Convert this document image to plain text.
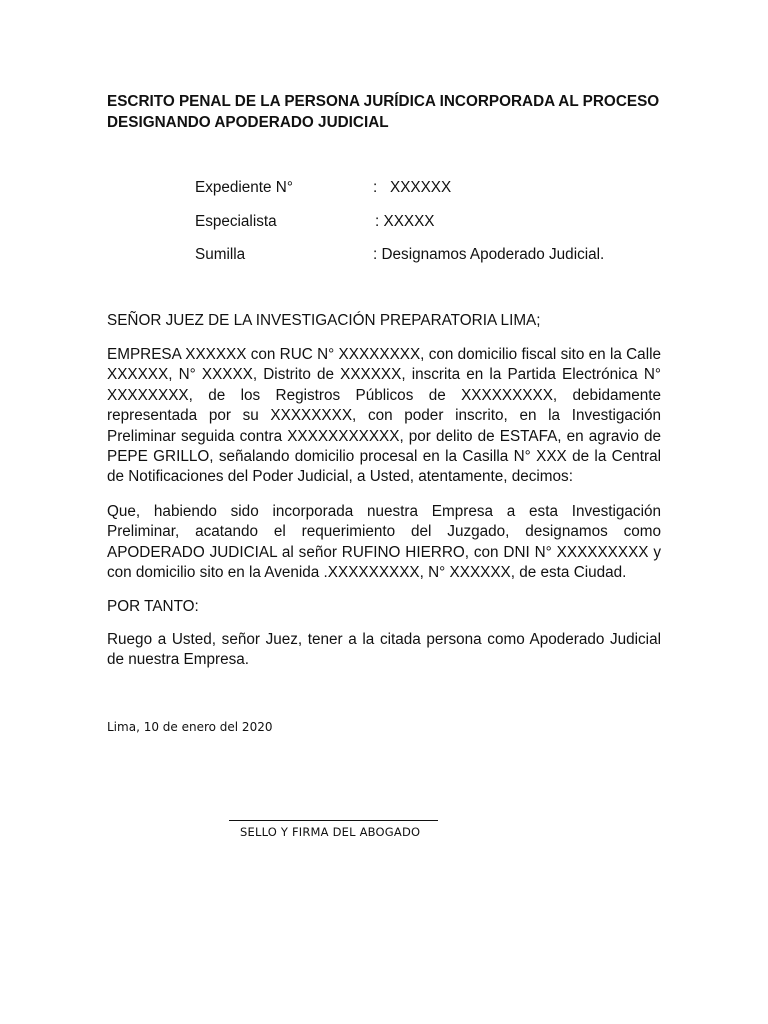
ESCRITO PENAL DE LA PERSONA JURÍDICA INCORPORADA AL PROCESO DESIGNANDO APODERADO JUDICIAL
Expediente N°	:   XXXXXX
Especialista	: XXXXX
Sumilla	: Designamos Apoderado Judicial.

SEÑOR JUEZ DE LA INVESTIGACIÓN PREPARATORIA LIMA;

EMPRESA XXXXXX con RUC N° XXXXXXXX, con domicilio fiscal sito en la Calle XXXXXX, N° XXXXX, Distrito de XXXXXX, inscrita en la Partida Electrónica N° XXXXXXXX, de los Registros Públicos de XXXXXXXXX, debidamente representada por su XXXXXXXX, con poder inscrito, en la Investigación Preliminar seguida contra XXXXXXXXXXX, por delito de ESTAFA, en agravio de PEPE GRILLO, señalando domicilio procesal en la Casilla N° XXX de la Central de Notificaciones del Poder Judicial, a Usted, atentamente, decimos:

Que, habiendo sido incorporada nuestra Empresa a esta Investigación Preliminar, acatando el requerimiento del Juzgado, designamos como APODERADO JUDICIAL al señor RUFINO HIERRO, con DNI N° XXXXXXXXX y con domicilio sito en la Avenida .XXXXXXXXX, N° XXXXXX, de esta Ciudad.

POR TANTO:

Ruego a Usted, señor Juez, tener a la citada persona como Apoderado Judicial de nuestra Empresa.

Lima, 10 de enero del 2020

SELLO Y FIRMA DEL ABOGADO
